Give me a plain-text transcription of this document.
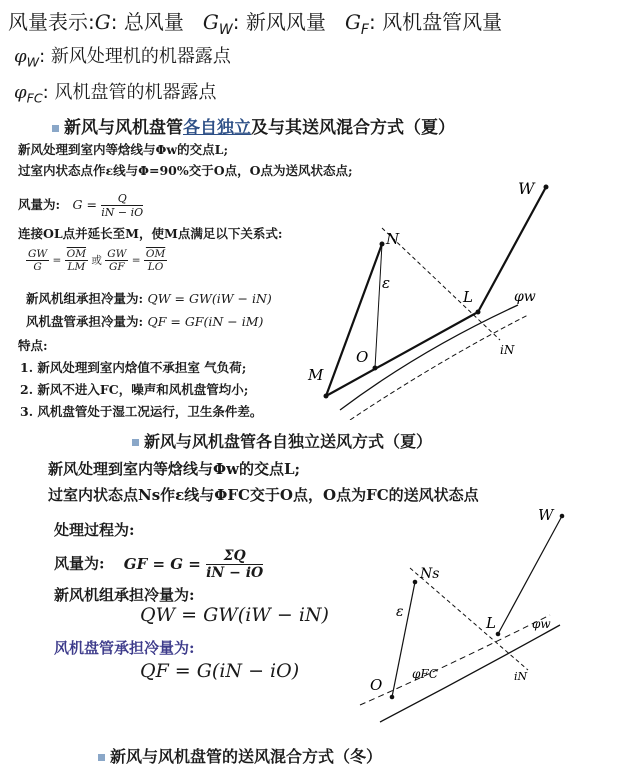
风量表示:G: 总风量 $G_W$: 新风风量 $G_F$: 风机盘管风量
$\varphi_W$: 新风处理机的机器露点
$\varphi_{FC}$: 风机盘管的机器露点
新风与风机盘管各自独立及与其送风混合方式（夏）
新风处理到室内等焓线与Φw的交点L;
过室内状态点作ε线与Φ=90%交于O点，O点为送风状态点;
风量为: $G = \frac{Q}{iN - iO}$
连接OL点并延长至M，使M点满足以下关系式:
$\frac{GW}{G} = \frac{\overline{OM}}{LM}$ 或 $\frac{GW}{GF} = \frac{\overline{OM}}{LO}$
新风机组承担冷量为: QW = GW(iW − iN)
风机盘管承担冷量为: QF = GF(iN − iM)
特点:
1. 新风处理到室内焓值不承担室 气负荷;
2. 新风不进入FC，噪声和风机盘管均小;
3. 风机盘管处于湿工况运行，卫生条件差。
W
N
ε
L	φw
O	iN
M
新风与风机盘管各自独立送风方式（夏）
新风处理到室内等焓线与Φw的交点L;
过室内状态点Ns作ε线与ΦFC交于O点，O点为FC的送风状态点
处理过程为:
风量为: GF = $G = \frac{\Sigma Q}{iN - iO}$
新风机组承担冷量为:
QW = GW(iW − iN)
风机盘管承担冷量为:
QF = G(iN − iO)
W
Ns
ε
L	φw
φFC
O	iN
新风与风机盘管的送风混合方式（冬）
